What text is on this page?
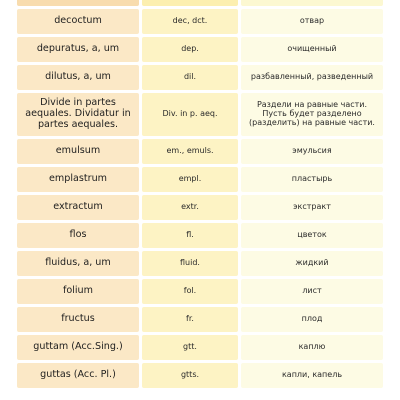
decoctum	dec, dct.	отвар
depuratus, a, um	dep.	очищенный
dilutus, a, um	dil.	разбавленный, разведенный
Divide in partes aequales. Dividatur in partes aequales.	Div. in p. aeq.	Раздели на равные части. Пусть будет разделено (разделить) на равные части.
emulsum	em., emuls.	эмульсия
emplastrum	empl.	пластырь
extractum	extr.	экстракт
flos	fl.	цветок
fluidus, a, um	fluid.	жидкий
folium	fol.	лист
fructus	fr.	плод
guttam (Acc.Sing.)	gtt.	каплю
guttas (Acc. Pl.)	gtts.	капли, капель
